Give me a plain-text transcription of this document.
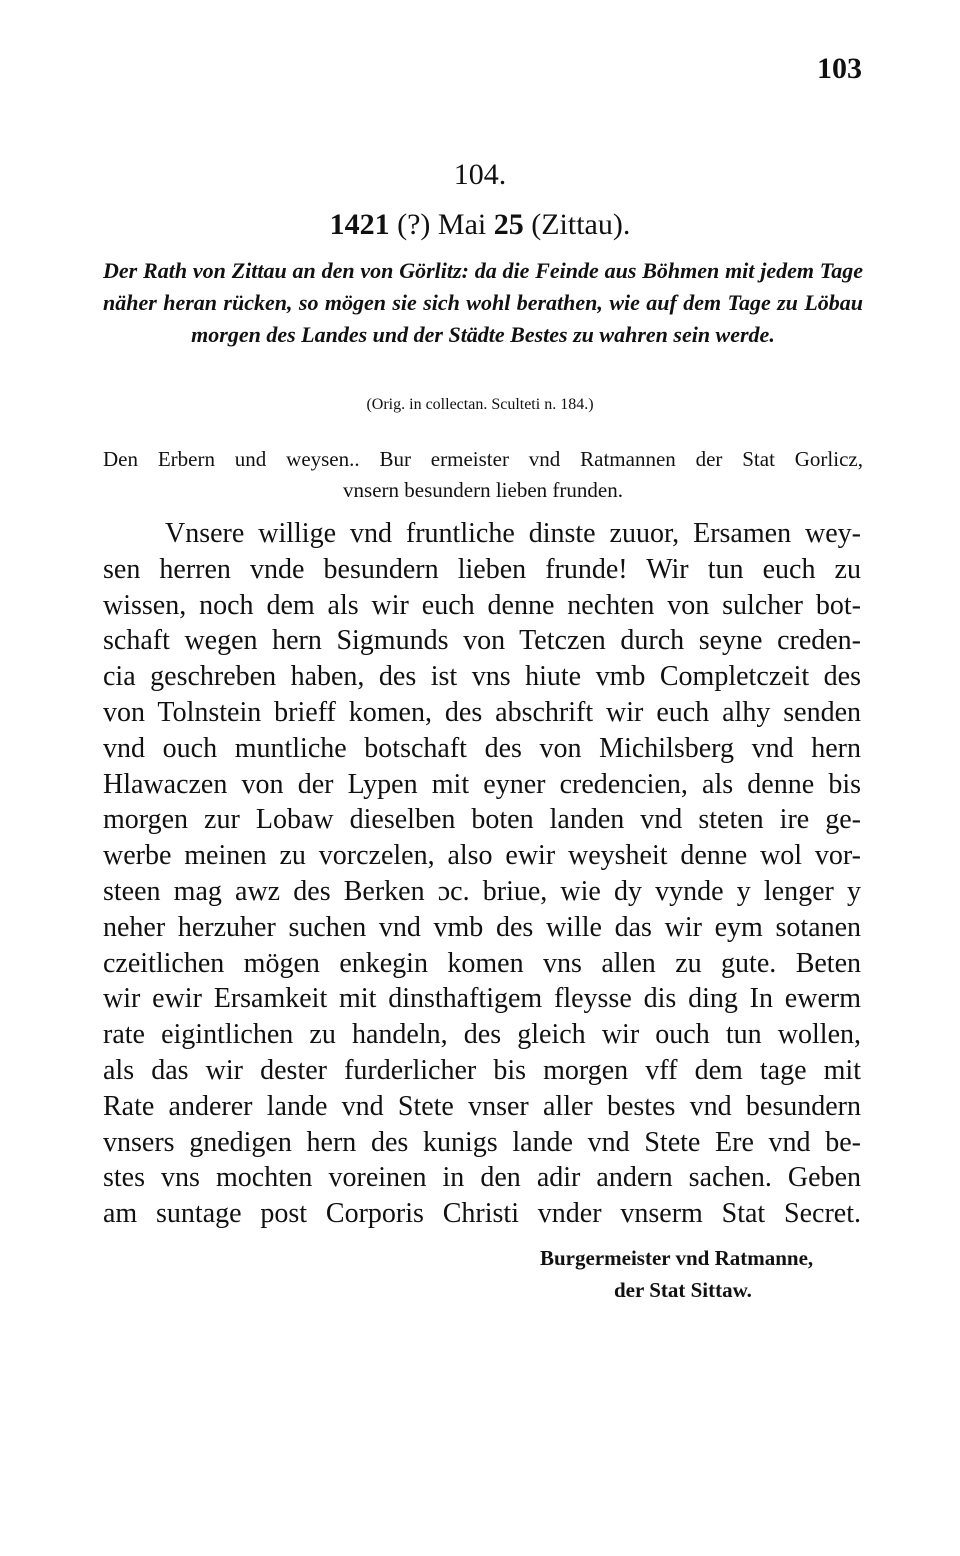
103
104.
1421 (?) Mai 25 (Zittau).
Der Rath von Zittau an den von Görlitz: da die Feinde aus Böhmen mit jedem Tage näher heran rücken, so mögen sie sich wohl berathen, wie auf dem Tage zu Löbau morgen des Landes und der Städte Bestes zu wahren sein werde.
(Orig. in collectan. Sculteti n. 184.)
Den Erbern und weysen.. Bur ermeister vnd Ratmannen der Stat Gorlicz,
vnsern besundern lieben frunden.
Vnsere willige vnd fruntliche dinste zuuor, Ersamen wey-
sen herren vnde besundern lieben frunde! Wir tun euch zu
wissen, noch dem als wir euch denne nechten von sulcher bot-
schaft wegen hern Sigmunds von Tetczen durch seyne creden-
cia geschreben haben, des ist vns hiute vmb Completczeit des
von Tolnstein brieff komen, des abschrift wir euch alhy senden
vnd ouch muntliche botschaft des von Michilsberg vnd hern
Hlawaczen von der Lypen mit eyner credencien, als denne bis
morgen zur Lobaw dieselben boten landen vnd steten ire ge-
werbe meinen zu vorczelen, also ewir weysheit denne wol vor-
steen mag awz des Berken ɔc. briue, wie dy vynde y lenger y
neher herzuher suchen vnd vmb des wille das wir eym sotanen
czeitlichen mögen enkegin komen vns allen zu gute. Beten
wir ewir Ersamkeit mit dinsthaftigem fleysse dis ding In ewerm
rate eigintlichen zu handeln, des gleich wir ouch tun wollen,
als das wir dester furderlicher bis morgen vff dem tage mit
Rate anderer lande vnd Stete vnser aller bestes vnd besundern
vnsers gnedigen hern des kunigs lande vnd Stete Ere vnd be-
stes vns mochten voreinen in den adir andern sachen. Geben
am suntage post Corporis Christi vnder vnserm Stat Secret.
Burgermeister vnd Ratmanne,
der Stat Sittaw.
